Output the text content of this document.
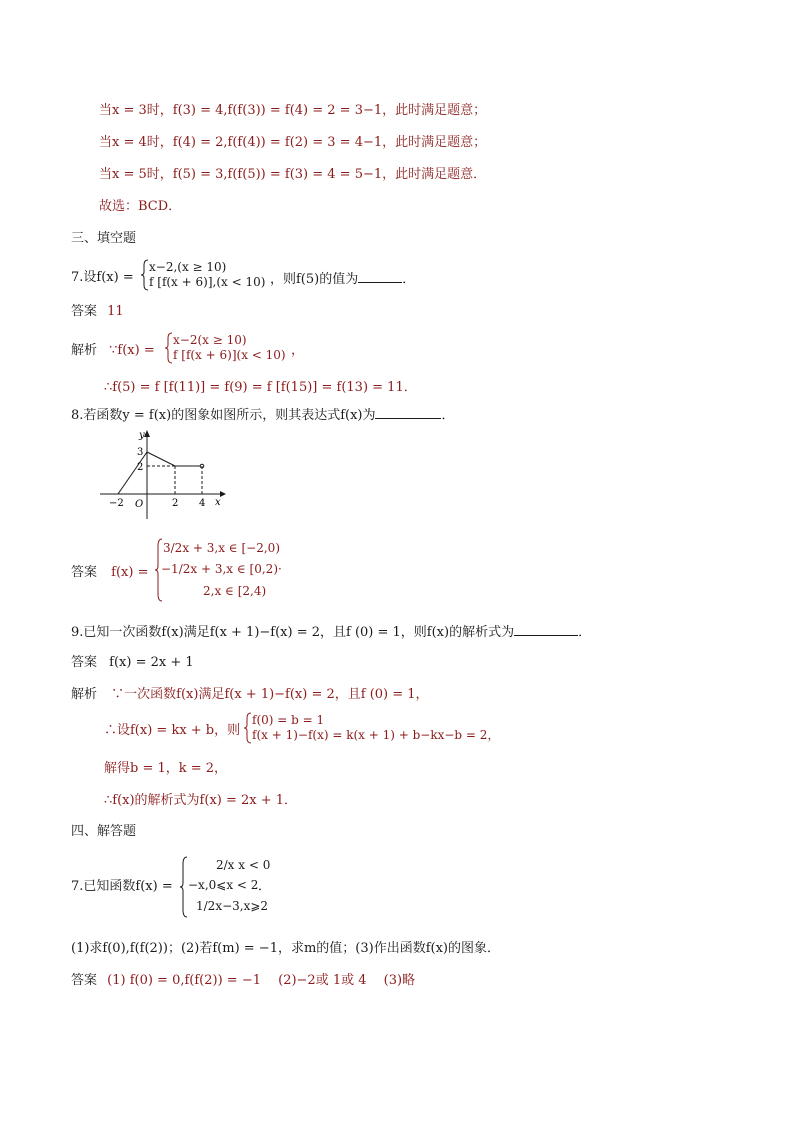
当x = 3时，f(3) = 4,f(f(3)) = f(4) = 2 = 3−1，此时满足题意；
当x = 4时，f(4) = 2,f(f(4)) = f(2) = 3 = 4−1，此时满足题意；
当x = 5时，f(5) = 3,f(f(5)) = f(3) = 4 = 5−1，此时满足题意．
故选：BCD．
三、填空题
7.设f(x) =
x−2,(x ≥ 10)
f [f(x + 6)],(x < 10) ，则f(5)的值为	．
答案 11
解析 ∵f(x) =
x−2(x ≥ 10)
f [f(x + 6)](x < 10) ，
∴f(5) = f [f(11)] = f(9) = f [f(15)] = f(13) = 11．
8.若函数y = f(x)的图象如图所示，则其表达式f(x)为	．
y
x
3
2
−2 O	2 4
答案 f(x) =
3/2x + 3,x ∈ [−2,0)
−1/2x + 3,x ∈ [0,2)·
2,x ∈ [2,4)
9.已知一次函数f(x)满足f(x + 1)−f(x) = 2，且f (0) = 1，则f(x)的解析式为	．
答案 f(x) = 2x + 1
解析 ∵一次函数f(x)满足f(x + 1)−f(x) = 2，且f (0) = 1，
∴设f(x) = kx + b，则
f(0) = b = 1
f(x + 1)−f(x) = k(x + 1) + b−kx−b = 2，
解得b = 1，k = 2，
∴f(x)的解析式为f(x) = 2x + 1．
四、解答题
7.已知函数f(x) =
2/x x < 0
−x,0⩽x < 2
1/2x−3,x⩾2
．
(1)求f(0),f(f(2))；(2)若f(m) = −1，求m的值；(3)作出函数f(x)的图象．
答案 (1) f(0) = 0,f(f(2)) = −1　 (2)−2或 1或 4　 (3)略
